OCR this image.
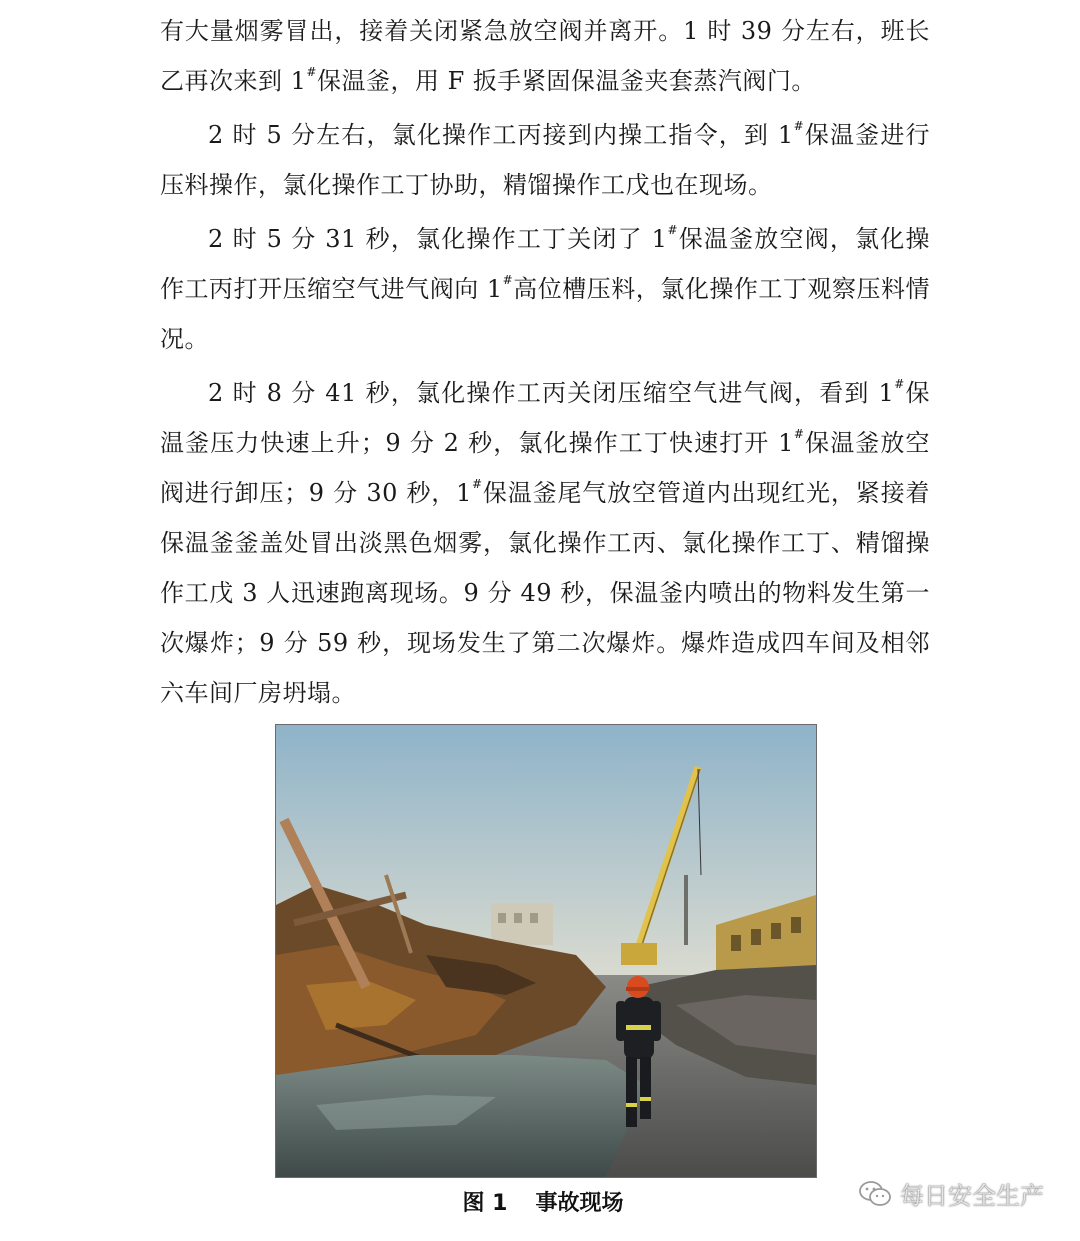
有大量烟雾冒出，接着关闭紧急放空阀并离开。1 时 39 分左右，班长乙再次来到 1#保温釜，用 F 扳手紧固保温釜夹套蒸汽阀门。

2 时 5 分左右，氯化操作工丙接到内操工指令，到 1#保温釜进行压料操作，氯化操作工丁协助，精馏操作工戊也在现场。

2 时 5 分 31 秒，氯化操作工丁关闭了 1#保温釜放空阀，氯化操作工丙打开压缩空气进气阀向 1#高位槽压料，氯化操作工丁观察压料情况。

2 时 8 分 41 秒，氯化操作工丙关闭压缩空气进气阀，看到 1#保温釜压力快速上升；9 分 2 秒，氯化操作工丁快速打开 1#保温釜放空阀进行卸压；9 分 30 秒，1#保温釜尾气放空管道内出现红光，紧接着保温釜釜盖处冒出淡黑色烟雾，氯化操作工丙、氯化操作工丁、精馏操作工戊 3 人迅速跑离现场。9 分 49 秒，保温釜内喷出的物料发生第一次爆炸；9 分 59 秒，现场发生了第二次爆炸。爆炸造成四车间及相邻六车间厂房坍塌。

图 1 事故现场	每日安全生产
